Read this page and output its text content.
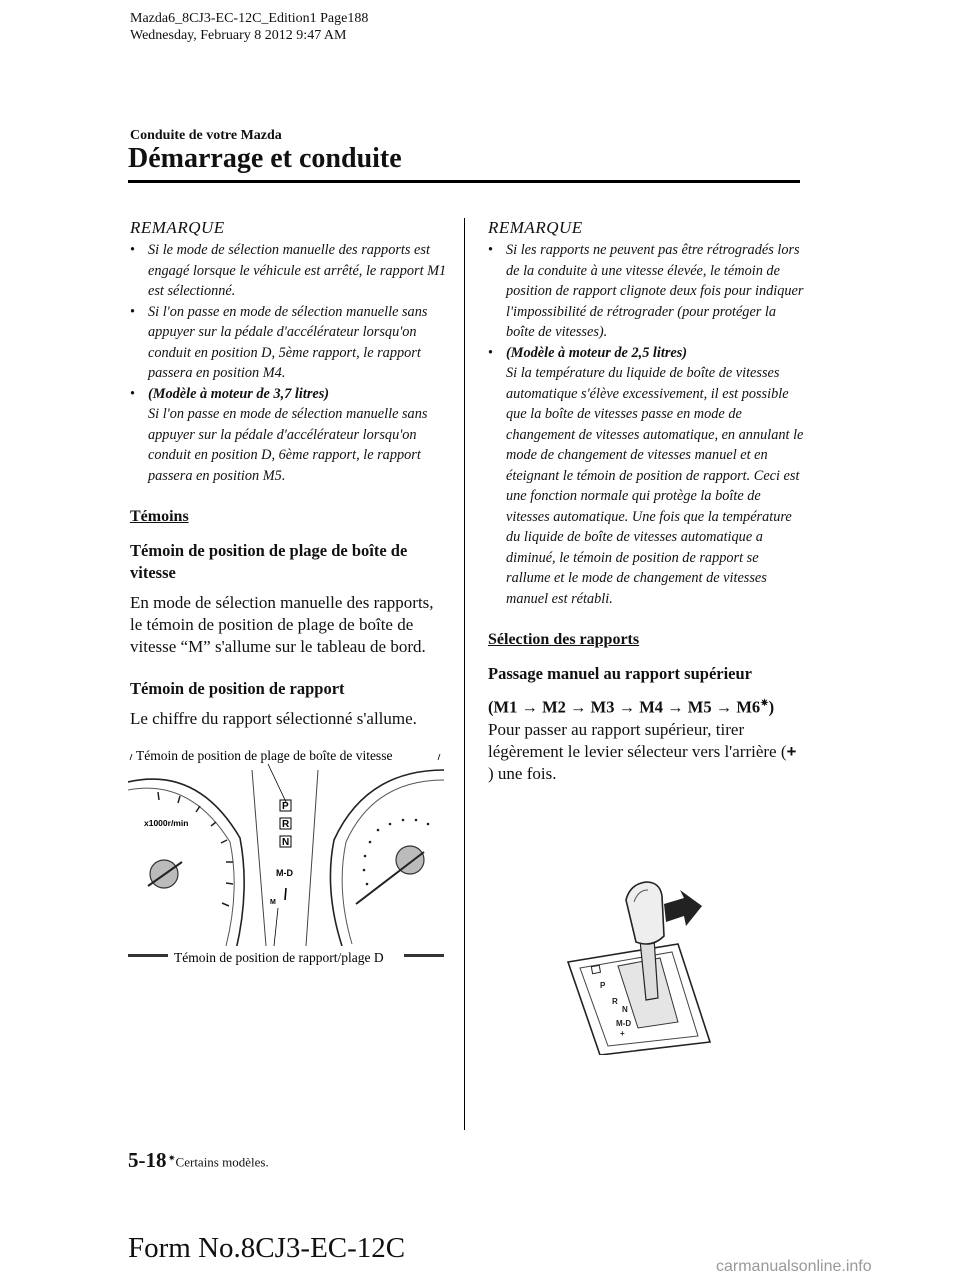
Mazda6_8CJ3-EC-12C_Edition1 Page188
Wednesday, February 8 2012 9:47 AM
Conduite de votre Mazda
Démarrage et conduite
REMARQUE
• Si le mode de sélection manuelle des rapports est engagé lorsque le véhicule est arrêté, le rapport M1 est sélectionné.
• Si l'on passe en mode de sélection manuelle sans appuyer sur la pédale d'accélérateur lorsqu'on conduit en position D, 5ème rapport, le rapport passera en position M4.
• (Modèle à moteur de 3,7 litres)
Si l'on passe en mode de sélection manuelle sans appuyer sur la pédale d'accélérateur lorsqu'on conduit en position D, 6ème rapport, le rapport passera en position M5.
Témoins
Témoin de position de plage de boîte de vitesse
En mode de sélection manuelle des rapports, le témoin de position de plage de boîte de vitesse “M” s'allume sur le tableau de bord.
Témoin de position de rapport
Le chiffre du rapport sélectionné s'allume.
Témoin de position de plage de boîte de vitesse
x1000r/min
P
R
N
M-D
M
Témoin de position de rapport/plage D
REMARQUE
• Si les rapports ne peuvent pas être rétrogradés lors de la conduite à une vitesse élevée, le témoin de position de rapport clignote deux fois pour indiquer l'impossibilité de rétrograder (pour protéger la boîte de vitesses).
• (Modèle à moteur de 2,5 litres)
Si la température du liquide de boîte de vitesses automatique s'élève excessivement, il est possible que la boîte de vitesses passe en mode de changement de vitesses automatique, en annulant le mode de changement de vitesses manuel et en éteignant le témoin de position de rapport. Ceci est une fonction normale qui protège la boîte de vitesses automatique. Une fois que la température du liquide de boîte de vitesses automatique a diminué, le témoin de position de rapport se rallume et le mode de changement de vitesses manuel est rétabli.
Sélection des rapports
Passage manuel au rapport supérieur
(M1 → M2 → M3 → M4 → M5 → M6✷)
Pour passer au rapport supérieur, tirer légèrement le levier sélecteur vers l'arrière (+ ) une fois.
P
R
N
M-D
+
5-18 ✷Certains modèles.
Form No.8CJ3-EC-12C
carmanualsonline.info
